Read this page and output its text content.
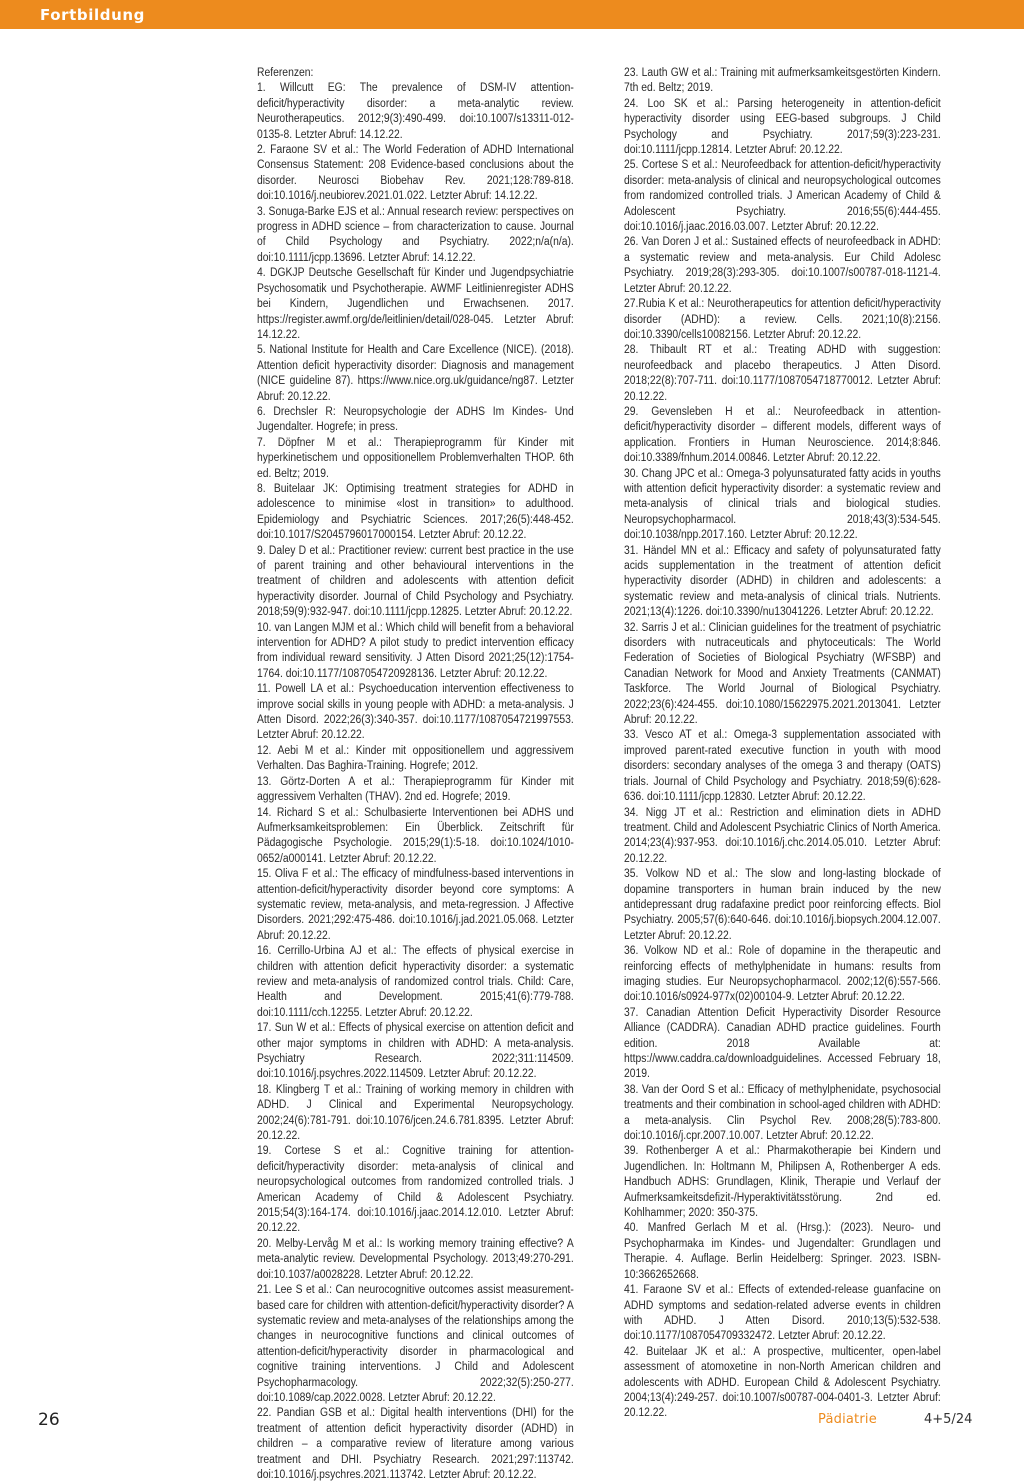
Fortbildung
Referenzen:
1. Willcutt EG: The prevalence of DSM-IV attention-deficit/hyperactivity disorder: a meta-analytic review. Neurotherapeutics. 2012;9(3):490-499. doi:10.1007/s13311-012-0135-8. Letzter Abruf: 14.12.22.
2. Faraone SV et al.: The World Federation of ADHD International Consensus Statement: 208 Evidence-based conclusions about the disorder. Neurosci Biobehav Rev. 2021;128:789-818. doi:10.1016/j.neubiorev.2021.01.022. Letzter Abruf: 14.12.22.
3. Sonuga-Barke EJS et al.: Annual research review: perspectives on progress in ADHD science – from characterization to cause. Journal of Child Psychology and Psychiatry. 2022;n/a(n/a). doi:10.1111/jcpp.13696. Letzter Abruf: 14.12.22.
4. DGKJP Deutsche Gesellschaft für Kinder und Jugendpsychiatrie Psychosomatik und Psychotherapie. AWMF Leitlinienregister ADHS bei Kindern, Jugendlichen und Erwachsenen. 2017. https://register.awmf.org/de/leitlinien/detail/028-045. Letzter Abruf: 14.12.22.
5. National Institute for Health and Care Excellence (NICE). (2018). Attention deficit hyperactivity disorder: Diagnosis and management (NICE guideline 87). https://www.nice.org.uk/guidance/ng87. Letzter Abruf: 20.12.22.
6. Drechsler R: Neuropsychologie der ADHS Im Kindes- Und Jugendalter. Hogrefe; in press.
7. Döpfner M et al.: Therapieprogramm für Kinder mit hyperkinetischem und oppositionellem Problemverhalten THOP. 6th ed. Beltz; 2019.
8. Buitelaar JK: Optimising treatment strategies for ADHD in adolescence to minimise «lost in transition» to adulthood. Epidemiology and Psychiatric Sciences. 2017;26(5):448-452. doi:10.1017/S2045796017000154. Letzter Abruf: 20.12.22.
9. Daley D et al.: Practitioner review: current best practice in the use of parent training and other behavioural interventions in the treatment of children and adolescents with attention deficit hyperactivity disorder. Journal of Child Psychology and Psychiatry. 2018;59(9):932-947. doi:10.1111/jcpp.12825. Letzter Abruf: 20.12.22.
10. van Langen MJM et al.: Which child will benefit from a behavioral intervention for ADHD? A pilot study to predict intervention efficacy from individual reward sensitivity. J Atten Disord 2021;25(12):1754-1764. doi:10.1177/1087054720928136. Letzter Abruf: 20.12.22.
11. Powell LA et al.: Psychoeducation intervention effectiveness to improve social skills in young people with ADHD: a meta-analysis. J Atten Disord. 2022;26(3):340-357. doi:10.1177/1087054721997553. Letzter Abruf: 20.12.22.
12. Aebi M et al.: Kinder mit oppositionellem und aggressivem Verhalten. Das Baghira-Training. Hogrefe; 2012.
13. Görtz-Dorten A et al.: Therapieprogramm für Kinder mit aggressivem Verhalten (THAV). 2nd ed. Hogrefe; 2019.
14. Richard S et al.: Schulbasierte Interventionen bei ADHS und Aufmerksamkeitsproblemen: Ein Überblick. Zeitschrift für Pädagogische Psychologie. 2015;29(1):5-18. doi:10.1024/1010-0652/a000141. Letzter Abruf: 20.12.22.
15. Oliva F et al.: The efficacy of mindfulness-based interventions in attention-deficit/hyperactivity disorder beyond core symptoms: A systematic review, meta-analysis, and meta-regression. J Affective Disorders. 2021;292:475-486. doi:10.1016/j.jad.2021.05.068. Letzter Abruf: 20.12.22.
16. Cerrillo-Urbina AJ et al.: The effects of physical exercise in children with attention deficit hyperactivity disorder: a systematic review and meta-analysis of randomized control trials. Child: Care, Health and Development. 2015;41(6):779-788. doi:10.1111/cch.12255. Letzter Abruf: 20.12.22.
17. Sun W et al.: Effects of physical exercise on attention deficit and other major symptoms in children with ADHD: A meta-analysis. Psychiatry Research. 2022;311:114509. doi:10.1016/j.psychres.2022.114509. Letzter Abruf: 20.12.22.
18. Klingberg T et al.: Training of working memory in children with ADHD. J Clinical and Experimental Neuropsychology. 2002;24(6):781-791. doi:10.1076/jcen.24.6.781.8395. Letzter Abruf: 20.12.22.
19. Cortese S et al.: Cognitive training for attention-deficit/hyperactivity disorder: meta-analysis of clinical and neuropsychological outcomes from randomized controlled trials. J American Academy of Child & Adolescent Psychiatry. 2015;54(3):164-174. doi:10.1016/j.jaac.2014.12.010. Letzter Abruf: 20.12.22.
20. Melby-Lervåg M et al.: Is working memory training effective? A meta-analytic review. Developmental Psychology. 2013;49:270-291. doi:10.1037/a0028228. Letzter Abruf: 20.12.22.
21. Lee S et al.: Can neurocognitive outcomes assist measurement-based care for children with attention-deficit/hyperactivity disorder? A systematic review and meta-analyses of the relationships among the changes in neurocognitive functions and clinical outcomes of attention-deficit/hyperactivity disorder in pharmacological and cognitive training interventions. J Child and Adolescent Psychopharmacology. 2022;32(5):250-277. doi:10.1089/cap.2022.0028. Letzter Abruf: 20.12.22.
22. Pandian GSB et al.: Digital health interventions (DHI) for the treatment of attention deficit hyperactivity disorder (ADHD) in children – a comparative review of literature among various treatment and DHI. Psychiatry Research. 2021;297:113742. doi:10.1016/j.psychres.2021.113742. Letzter Abruf: 20.12.22.
23. Lauth GW et al.: Training mit aufmerksamkeitsgestörten Kindern. 7th ed. Beltz; 2019.
24. Loo SK et al.: Parsing heterogeneity in attention-deficit hyperactivity disorder using EEG-based subgroups. J Child Psychology and Psychiatry. 2017;59(3):223-231. doi:10.1111/jcpp.12814. Letzter Abruf: 20.12.22.
25. Cortese S et al.: Neurofeedback for attention-deficit/hyperactivity disorder: meta-analysis of clinical and neuropsychological outcomes from randomized controlled trials. J American Academy of Child & Adolescent Psychiatry. 2016;55(6):444-455. doi:10.1016/j.jaac.2016.03.007. Letzter Abruf: 20.12.22.
26. Van Doren J et al.: Sustained effects of neurofeedback in ADHD: a systematic review and meta-analysis. Eur Child Adolesc Psychiatry. 2019;28(3):293-305. doi:10.1007/s00787-018-1121-4. Letzter Abruf: 20.12.22.
27.Rubia K et al.: Neurotherapeutics for attention deficit/hyperactivity disorder (ADHD): a review. Cells. 2021;10(8):2156. doi:10.3390/cells10082156. Letzter Abruf: 20.12.22.
28. Thibault RT et al.: Treating ADHD with suggestion: neurofeedback and placebo therapeutics. J Atten Disord. 2018;22(8):707-711. doi:10.1177/1087054718770012. Letzter Abruf: 20.12.22.
29. Gevensleben H et al.: Neurofeedback in attention-deficit/hyperactivity disorder – different models, different ways of application. Frontiers in Human Neuroscience. 2014;8:846. doi:10.3389/fnhum.2014.00846. Letzter Abruf: 20.12.22.
30. Chang JPC et al.: Omega-3 polyunsaturated fatty acids in youths with attention deficit hyperactivity disorder: a systematic review and meta-analysis of clinical trials and biological studies. Neuropsychopharmacol. 2018;43(3):534-545. doi:10.1038/npp.2017.160. Letzter Abruf: 20.12.22.
31. Händel MN et al.: Efficacy and safety of polyunsaturated fatty acids supplementation in the treatment of attention deficit hyperactivity disorder (ADHD) in children and adolescents: a systematic review and meta-analysis of clinical trials. Nutrients. 2021;13(4):1226. doi:10.3390/nu13041226. Letzter Abruf: 20.12.22.
32. Sarris J et al.: Clinician guidelines for the treatment of psychiatric disorders with nutraceuticals and phytoceuticals: The World Federation of Societies of Biological Psychiatry (WFSBP) and Canadian Network for Mood and Anxiety Treatments (CANMAT) Taskforce. The World Journal of Biological Psychiatry. 2022;23(6):424-455. doi:10.1080/15622975.2021.2013041. Letzter Abruf: 20.12.22.
33. Vesco AT et al.: Omega-3 supplementation associated with improved parent-rated executive function in youth with mood disorders: secondary analyses of the omega 3 and therapy (OATS) trials. Journal of Child Psychology and Psychiatry. 2018;59(6):628-636. doi:10.1111/jcpp.12830. Letzter Abruf: 20.12.22.
34. Nigg JT et al.: Restriction and elimination diets in ADHD treatment. Child and Adolescent Psychiatric Clinics of North America. 2014;23(4):937-953. doi:10.1016/j.chc.2014.05.010. Letzter Abruf: 20.12.22.
35. Volkow ND et al.: The slow and long-lasting blockade of dopamine transporters in human brain induced by the new antidepressant drug radafaxine predict poor reinforcing effects. Biol Psychiatry. 2005;57(6):640-646. doi:10.1016/j.biopsych.2004.12.007. Letzter Abruf: 20.12.22.
36. Volkow ND et al.: Role of dopamine in the therapeutic and reinforcing effects of methylphenidate in humans: results from imaging studies. Eur Neuropsychopharmacol. 2002;12(6):557-566. doi:10.1016/s0924-977x(02)00104-9. Letzter Abruf: 20.12.22.
37. Canadian Attention Deficit Hyperactivity Disorder Resource Alliance (CADDRA). Canadian ADHD practice guidelines. Fourth edition. 2018 Available at: https://www.caddra.ca/downloadguidelines. Accessed February 18, 2019.
38. Van der Oord S et al.: Efficacy of methylphenidate, psychosocial treatments and their combination in school-aged children with ADHD: a meta-analysis. Clin Psychol Rev. 2008;28(5):783-800. doi:10.1016/j.cpr.2007.10.007. Letzter Abruf: 20.12.22.
39. Rothenberger A et al.: Pharmakotherapie bei Kindern und Jugendlichen. In: Holtmann M, Philipsen A, Rothenberger A eds. Handbuch ADHS: Grundlagen, Klinik, Therapie und Verlauf der Aufmerksamkeitsdefizit-/Hyperaktivitätsstörung. 2nd ed. Kohlhammer; 2020: 350-375.
40. Manfred Gerlach M et al. (Hrsg.): (2023). Neuro- und Psychopharmaka im Kindes- und Jugendalter: Grundlagen und Therapie. 4. Auflage. Berlin Heidelberg: Springer. 2023. ISBN-10:3662652668.
41. Faraone SV et al.: Effects of extended-release guanfacine on ADHD symptoms and sedation-related adverse events in children with ADHD. J Atten Disord. 2010;13(5):532-538. doi:10.1177/1087054709332472. Letzter Abruf: 20.12.22.
42. Buitelaar JK et al.: A prospective, multicenter, open-label assessment of atomoxetine in non-North American children and adolescents with ADHD. European Child & Adolescent Psychiatry. 2004;13(4):249-257. doi:10.1007/s00787-004-0401-3. Letzter Abruf: 20.12.22.
26	Pädiatrie	4+5/24
